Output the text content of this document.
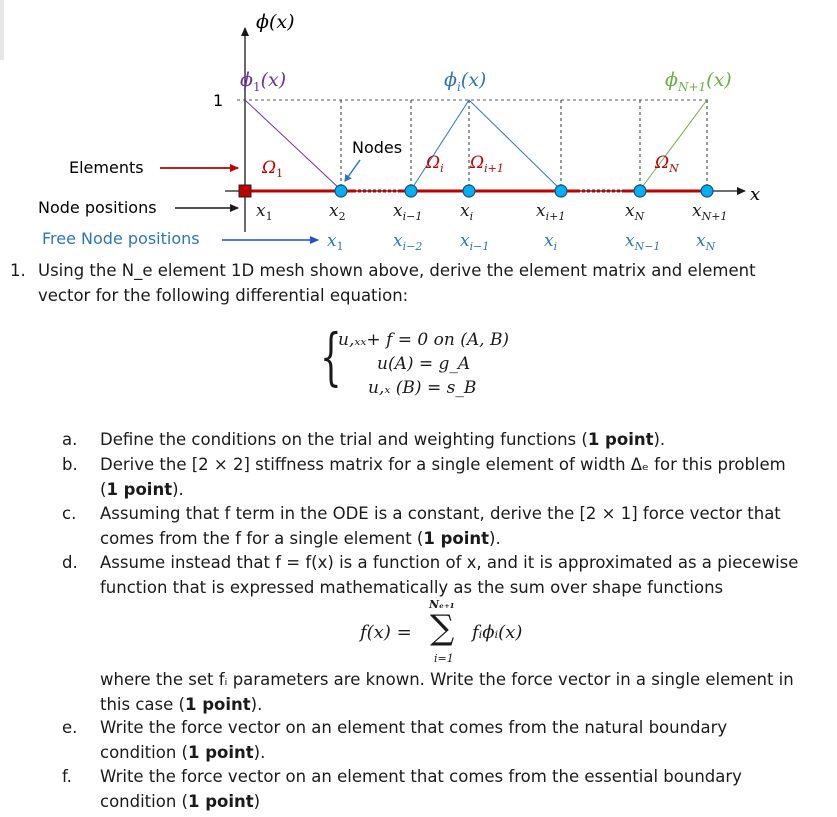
ϕ(x)
1
$\phi_1(x)$	$\phi_i(x)$	$\phi_{N+1}(x)$
Nodes
$\Omega_1$
$\Omega_i$ $\Omega_{i+1}$	$\Omega_N$
Elements
Node positions
Free Node positions
x
$x_1$	$x_2$	$x_{i-1}$ $x_i$	$x_{i+1}$	$x_N$	$x_{N+1}$
$x_1$	$x_{i-2}$ $x_{i-1}$	$x_i$	$x_{N-1}$ $x_N$
1. Using the N_e element 1D mesh shown above, derive the element matrix and element vector for the following differential equation:
{
u,ₓₓ+ f = 0 on (A, B)
u(A) = g_A
u,ₓ (B) = s_B
a. Define the conditions on the trial and weighting functions (1 point).
b. Derive the [2 × 2] stiffness matrix for a single element of width Δₑ for this problem (1 point).
c. Assuming that f term in the ODE is a constant, derive the [2 × 1] force vector that comes from the f for a single element (1 point).
d. Assume instead that f = f(x) is a function of x, and it is approximated as a piecewise function that is expressed mathematically as the sum over shape functions
f(x) =
Nₑ₊₁
∑
i=1
fᵢϕᵢ(x)
where the set fᵢ parameters are known. Write the force vector in a single element in this case (1 point).
e. Write the force vector on an element that comes from the natural boundary condition (1 point).
f. Write the force vector on an element that comes from the essential boundary condition (1 point)
